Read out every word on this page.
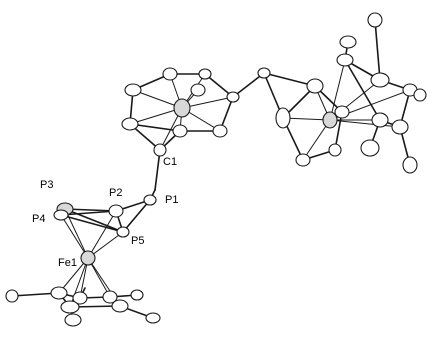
C1
P1
P2
P3
P4
P5
Fe1
